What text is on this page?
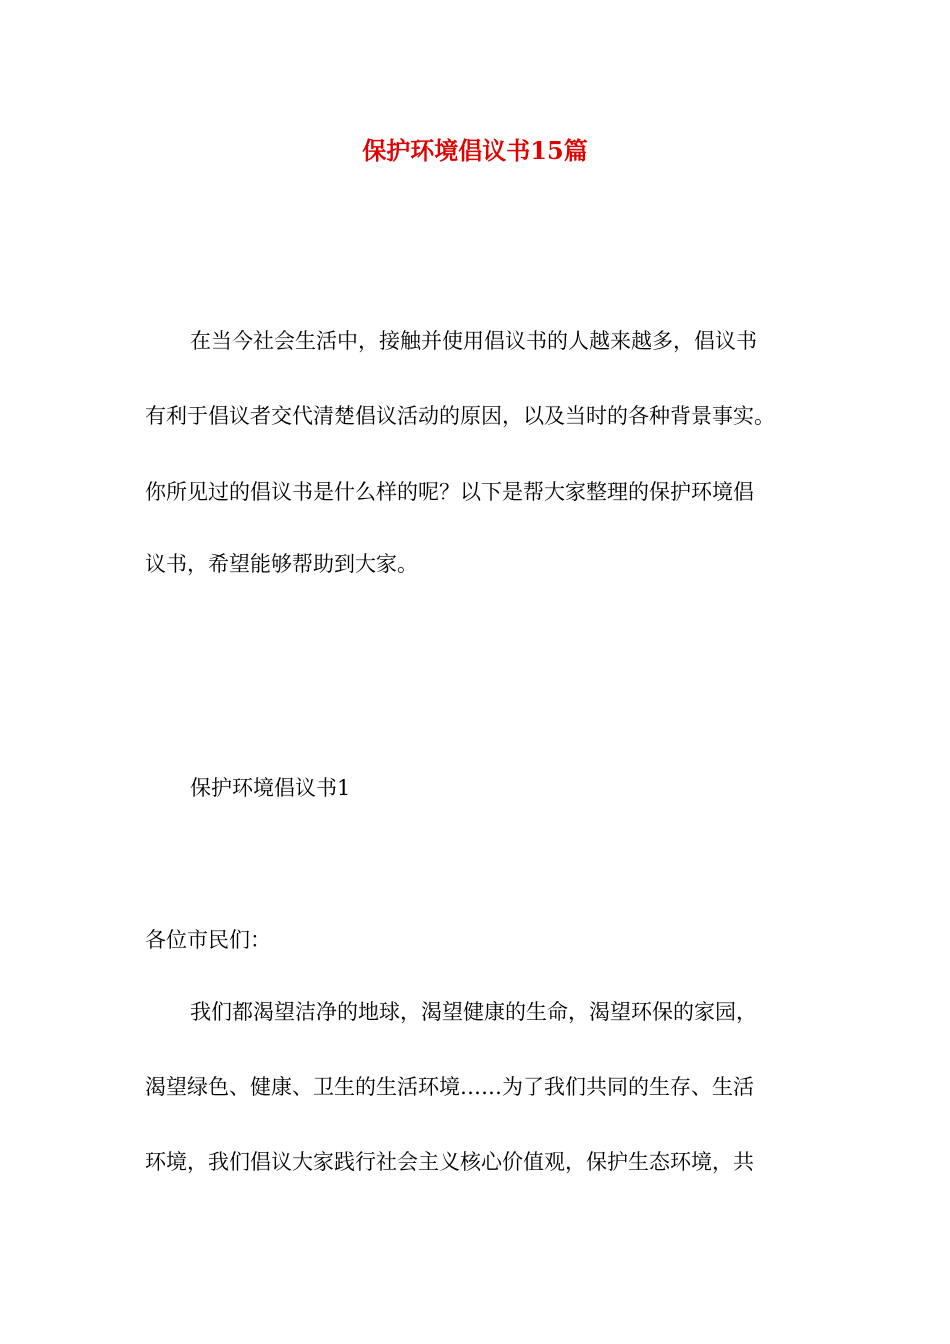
保护环境倡议书15篇

在当今社会生活中，接触并使用倡议书的人越来越多，倡议书

有利于倡议者交代清楚倡议活动的原因，以及当时的各种背景事实。

你所见过的倡议书是什么样的呢？以下是帮大家整理的保护环境倡

议书，希望能够帮助到大家。

保护环境倡议书1

各位市民们：

我们都渴望洁净的地球，渴望健康的生命，渴望环保的家园，

渴望绿色、健康、卫生的生活环境……为了我们共同的生存、生活

环境，我们倡议大家践行社会主义核心价值观，保护生态环境，共
